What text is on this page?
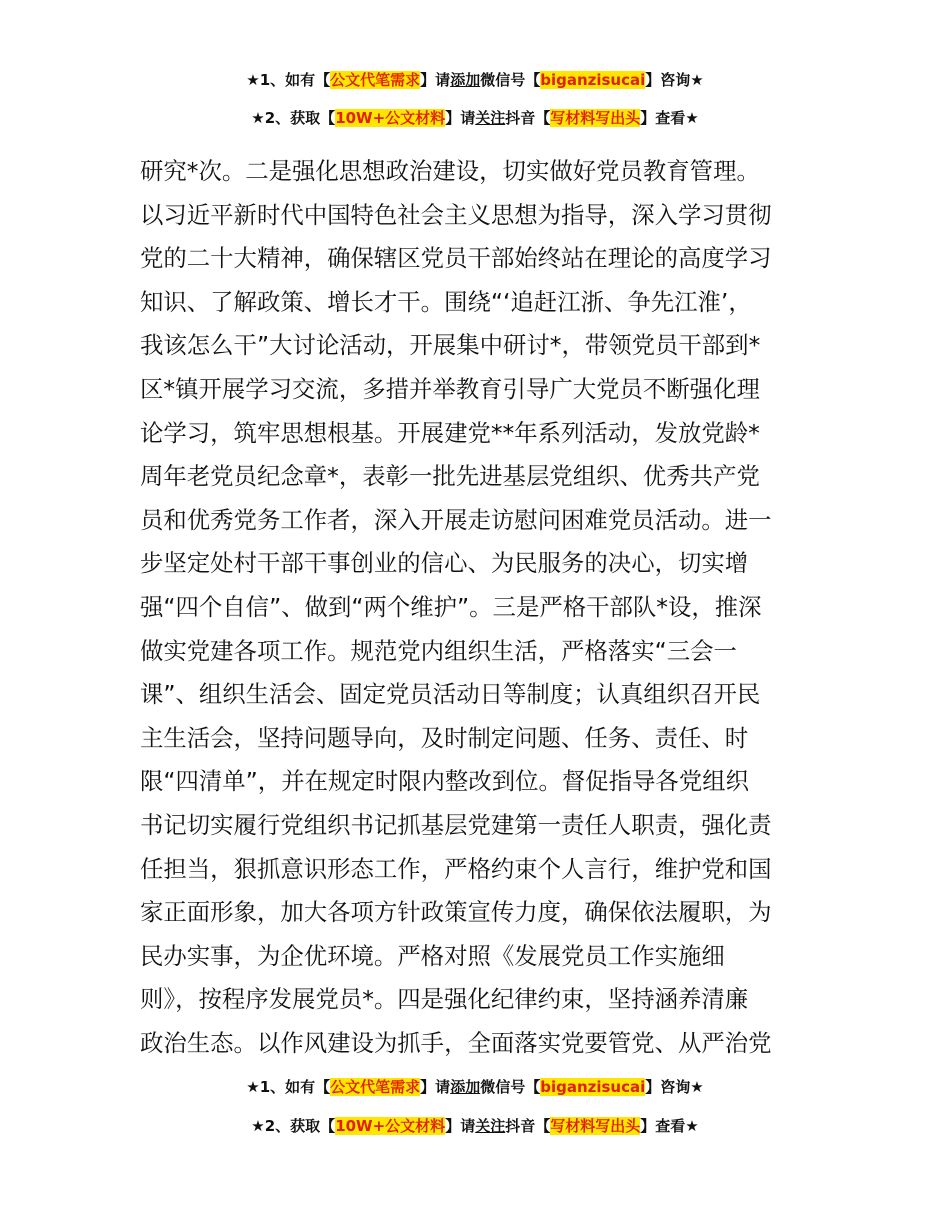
★1、如有【公文代笔需求】请添加微信号【biganzisucai】咨询★
★2、获取【10W+公文材料】请关注抖音【写材料写出头】查看★
研究*次。二是强化思想政治建设，切实做好党员教育管理。
以习近平新时代中国特色社会主义思想为指导，深入学习贯彻
党的二十大精神，确保辖区党员干部始终站在理论的高度学习
知识、了解政策、增长才干。围绕“‘追赶江浙、争先江淮’，
我该怎么干”大讨论活动，开展集中研讨*，带领党员干部到*
区*镇开展学习交流，多措并举教育引导广大党员不断强化理
论学习，筑牢思想根基。开展建党**年系列活动，发放党龄*
周年老党员纪念章*，表彰一批先进基层党组织、优秀共产党
员和优秀党务工作者，深入开展走访慰问困难党员活动。进一
步坚定处村干部干事创业的信心、为民服务的决心，切实增
强“四个自信”、做到“两个维护”。三是严格干部队*设，推深
做实党建各项工作。规范党内组织生活，严格落实“三会一
课”、组织生活会、固定党员活动日等制度；认真组织召开民
主生活会，坚持问题导向，及时制定问题、任务、责任、时
限“四清单”，并在规定时限内整改到位。督促指导各党组织
书记切实履行党组织书记抓基层党建第一责任人职责，强化责
任担当，狠抓意识形态工作，严格约束个人言行，维护党和国
家正面形象，加大各项方针政策宣传力度，确保依法履职，为
民办实事，为企优环境。严格对照《发展党员工作实施细
则》，按程序发展党员*。四是强化纪律约束，坚持涵养清廉
政治生态。以作风建设为抓手，全面落实党要管党、从严治党
★1、如有【公文代笔需求】请添加微信号【biganzisucai】咨询★
★2、获取【10W+公文材料】请关注抖音【写材料写出头】查看★
